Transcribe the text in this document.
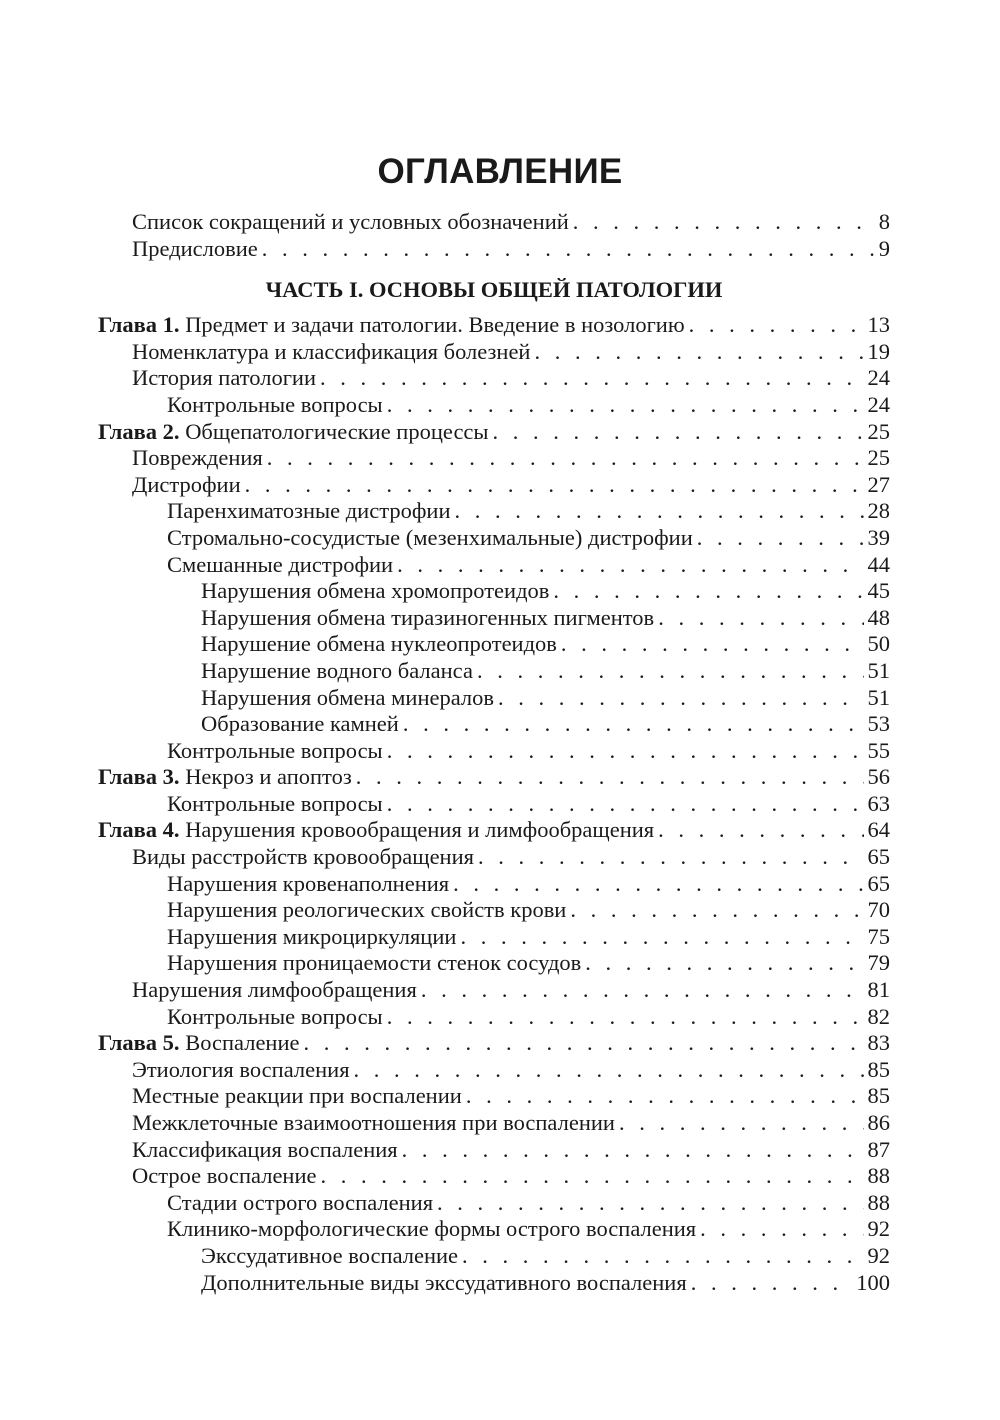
ОГЛАВЛЕНИЕ
Список сокращений и условных обозначений . . .	8
Предисловие . . .	9
ЧАСТЬ I. ОСНОВЫ ОБЩЕЙ ПАТОЛОГИИ
Глава 1. Предмет и задачи патологии. Введение в нозологию . . .	13
Номенклатура и классификация болезней . . .	19
История патологии . . .	24
Контрольные вопросы . . .	24
Глава 2. Общепатологические процессы . . .	25
Повреждения . . .	25
Дистрофии . . .	27
Паренхиматозные дистрофии . . .	28
Стромально-сосудистые (мезенхимальные) дистрофии . . .	39
Смешанные дистрофии . . .	44
Нарушения обмена хромопротеидов . . .	45
Нарушения обмена тиразиногенных пигментов . . .	48
Нарушение обмена нуклеопротеидов . . .	50
Нарушение водного баланса . . .	51
Нарушения обмена минералов . . .	51
Образование камней . . .	53
Контрольные вопросы . . .	55
Глава 3. Некроз и апоптоз . . .	56
Контрольные вопросы . . .	63
Глава 4. Нарушения кровообращения и лимфообращения . . .	64
Виды расстройств кровообращения . . .	65
Нарушения кровенаполнения . . .	65
Нарушения реологических свойств крови . . .	70
Нарушения микроциркуляции . . .	75
Нарушения проницаемости стенок сосудов . . .	79
Нарушения лимфообращения . . .	81
Контрольные вопросы . . .	82
Глава 5. Воспаление . . .	83
Этиология воспаления . . .	85
Местные реакции при воспалении . . .	85
Межклеточные взаимоотношения при воспалении . . .	86
Классификация воспаления . . .	87
Острое воспаление . . .	88
Стадии острого воспаления . . .	88
Клинико-морфологические формы острого воспаления . . .	92
Экссудативное воспаление . . .	92
Дополнительные виды экссудативного воспаления . . .	100
